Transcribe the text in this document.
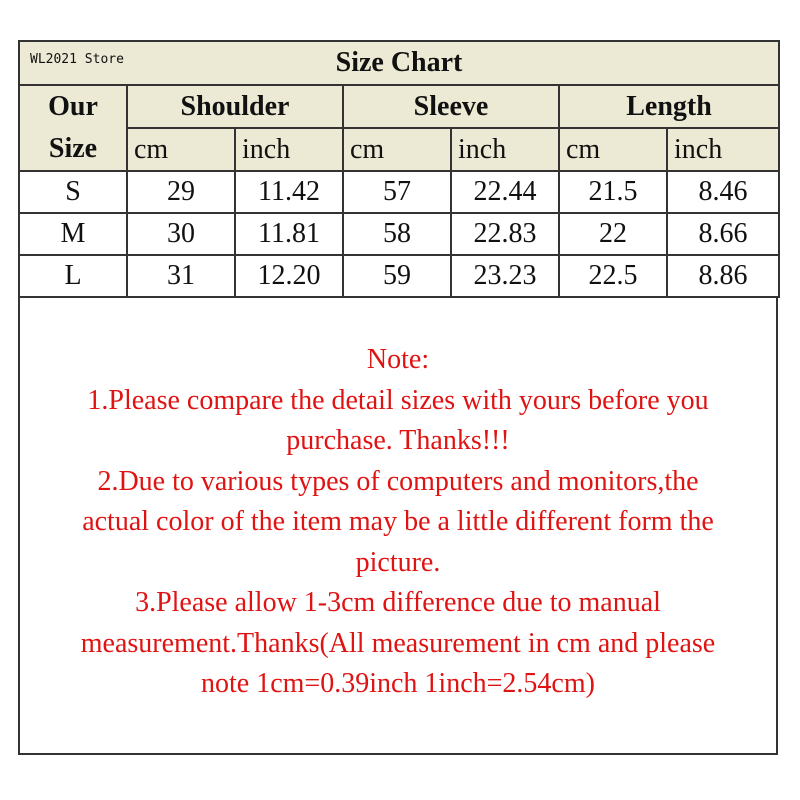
WL2021 Store	Size Chart						
Our
Size	Shoulder		Sleeve		Length	
	cm	inch	cm	inch	cm	inch
S	29	11.42	57	22.44	21.5	8.46
M	30	11.81	58	22.83	22	8.66
L	31	12.20	59	23.23	22.5	8.86

Note:

1.Please compare the detail sizes with yours before you

purchase. Thanks!!!

2.Due to various types of computers and monitors,the

actual color of the item may be a little different form the

picture.

3.Please allow 1-3cm difference due to manual

measurement.Thanks(All measurement in cm and please

note 1cm=0.39inch 1inch=2.54cm)
